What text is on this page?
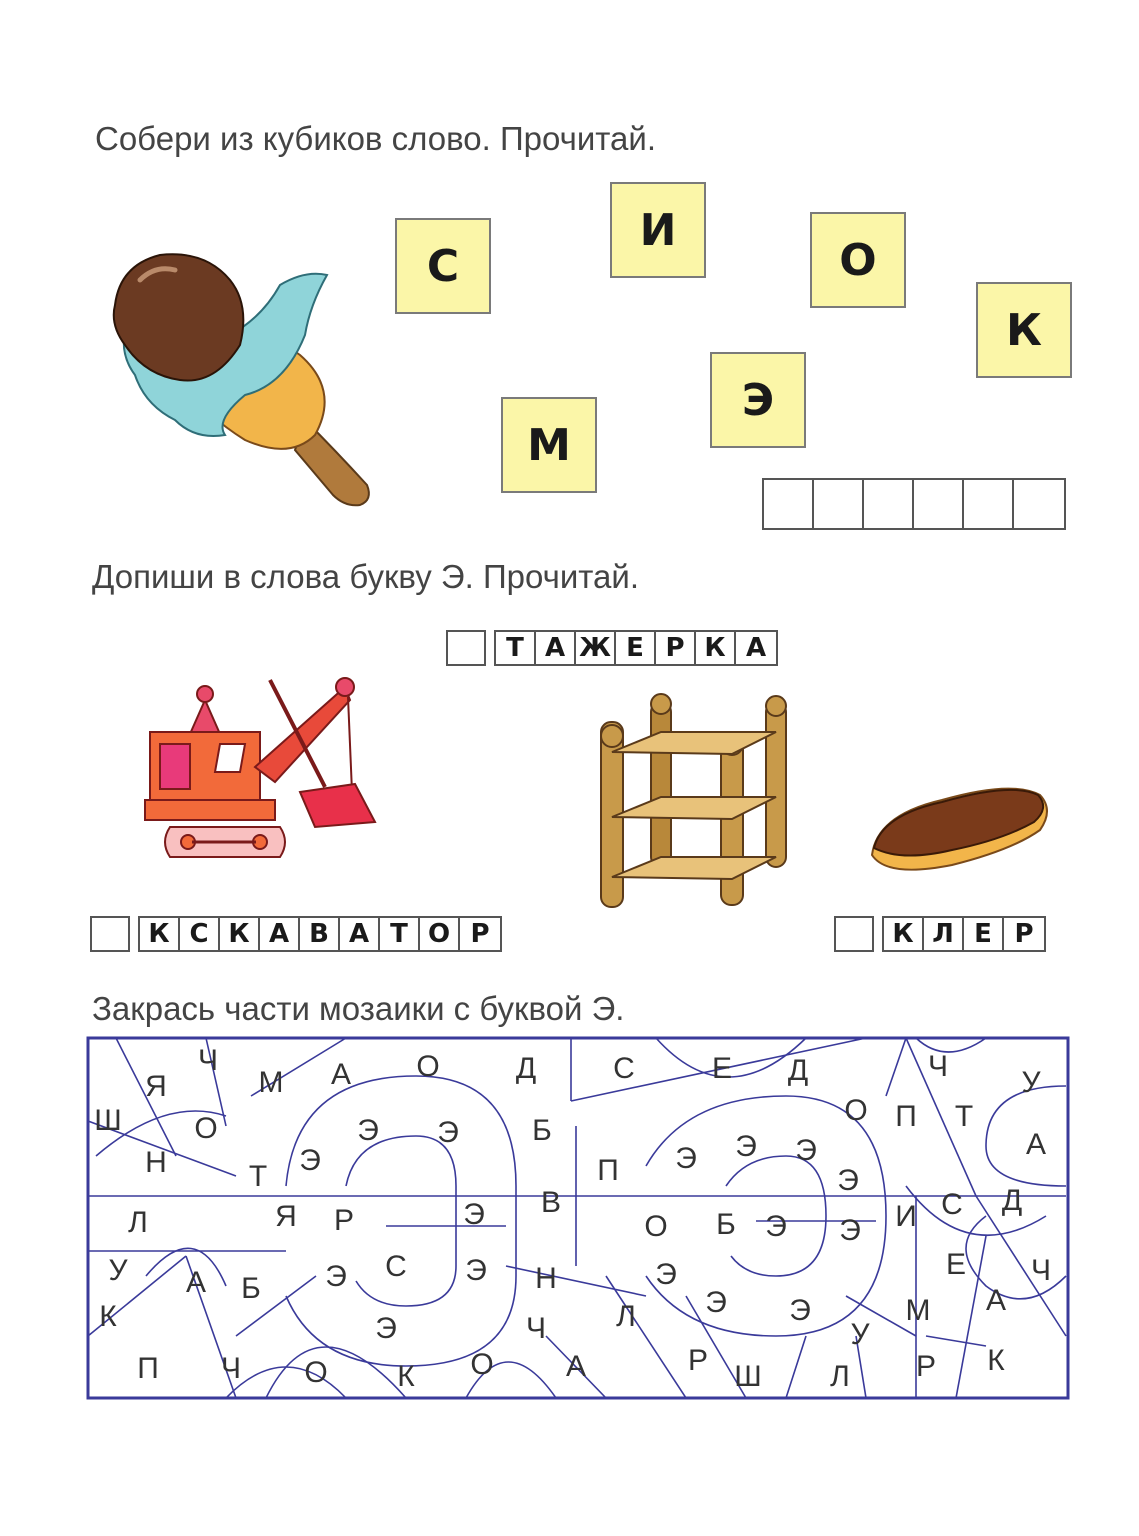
Собери из кубиков слово. Прочитай.
С
И
О
К
Э
М
Допиши в слова букву Э. Прочитай.
Т А Ж Е Р К А
К С К А В А Т О Р	К Л Е Р
Закрась части мозаики с буквой Э.
Ч
Я	М А О	Д	С	Е Д	Ч У
Ш О	Э Э Б
О П Т
А
Н	Т Э	П Э Э Э
Э
Л	Я Р	Э В
О Б Э Э И С Д
У А Б Э С Э Н	Э	Е Ч
К	Э	Ч Л Э Э
У
М А
П Ч О К О А	Р Ш Л Р К
